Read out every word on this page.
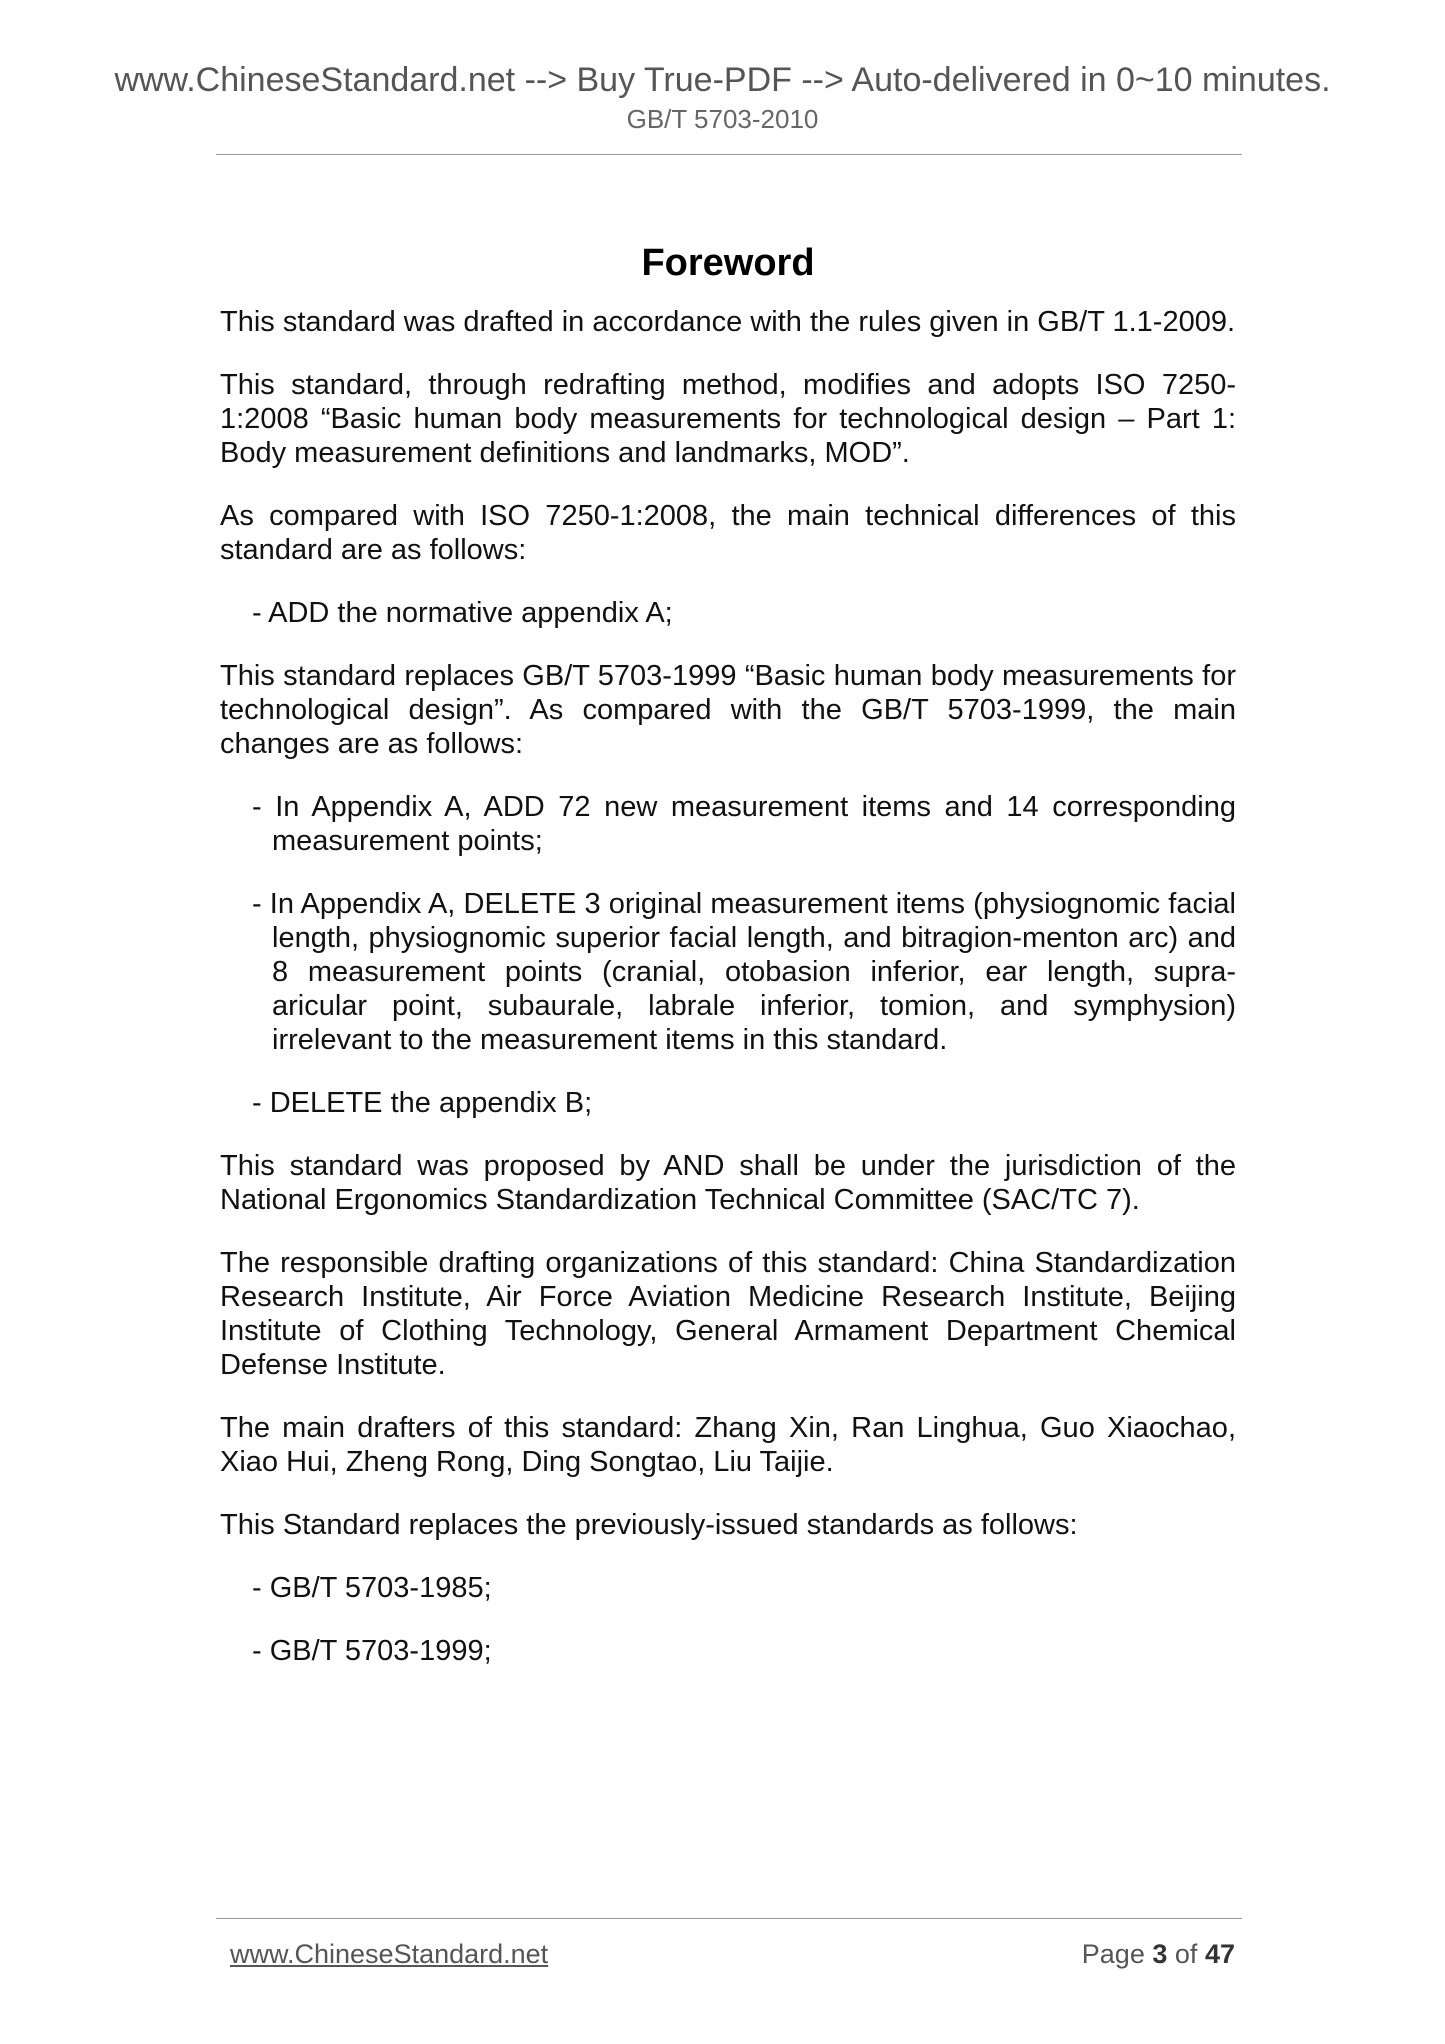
www.ChineseStandard.net --> Buy True-PDF --> Auto-delivered in 0~10 minutes.
GB/T 5703-2010
Foreword

This standard was drafted in accordance with the rules given in GB/T 1.1-2009.

This standard, through redrafting method, modifies and adopts ISO 7250-1:2008 “Basic human body measurements for technological design – Part 1: Body measurement definitions and landmarks, MOD”.

As compared with ISO 7250-1:2008, the main technical differences of this standard are as follows:

- ADD the normative appendix A;

This standard replaces GB/T 5703-1999 “Basic human body measurements for technological design”. As compared with the GB/T 5703-1999, the main changes are as follows:

- In Appendix A, ADD 72 new measurement items and 14 corresponding measurement points;

- In Appendix A, DELETE 3 original measurement items (physiognomic facial length, physiognomic superior facial length, and bitragion-menton arc) and 8 measurement points (cranial, otobasion inferior, ear length, supra-aricular point, subaurale, labrale inferior, tomion, and symphysion) irrelevant to the measurement items in this standard.

- DELETE the appendix B;

This standard was proposed by AND shall be under the jurisdiction of the National Ergonomics Standardization Technical Committee (SAC/TC 7).

The responsible drafting organizations of this standard: China Standardization Research Institute, Air Force Aviation Medicine Research Institute, Beijing Institute of Clothing Technology, General Armament Department Chemical Defense Institute.

The main drafters of this standard: Zhang Xin, Ran Linghua, Guo Xiaochao, Xiao Hui, Zheng Rong, Ding Songtao, Liu Taijie.

This Standard replaces the previously-issued standards as follows:

- GB/T 5703-1985;

- GB/T 5703-1999;

www.ChineseStandard.net	Page 3 of 47
